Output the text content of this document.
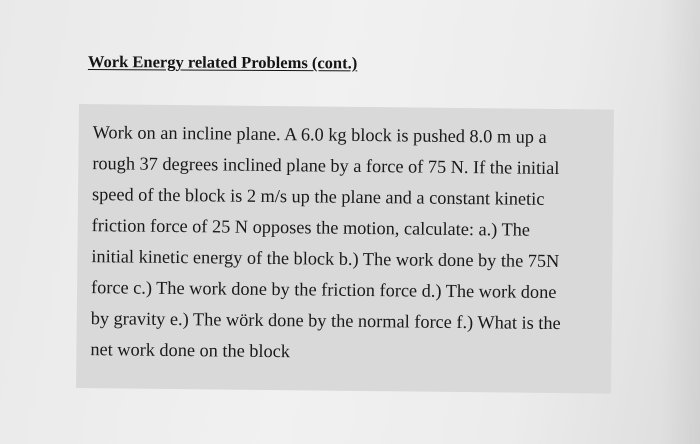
Work Energy related Problems (cont.)

Work on an incline plane. A 6.0 kg block is pushed 8.0 m up a
rough 37 degrees inclined plane by a force of 75 N. If the initial
speed of the block is 2 m/s up the plane and a constant kinetic
friction force of 25 N opposes the motion, calculate: a.) The
initial kinetic energy of the block b.) The work done by the 75N
force c.) The work done by the friction force d.) The work done
by gravity e.) The wörk done by the normal force f.) What is the
net work done on the block
